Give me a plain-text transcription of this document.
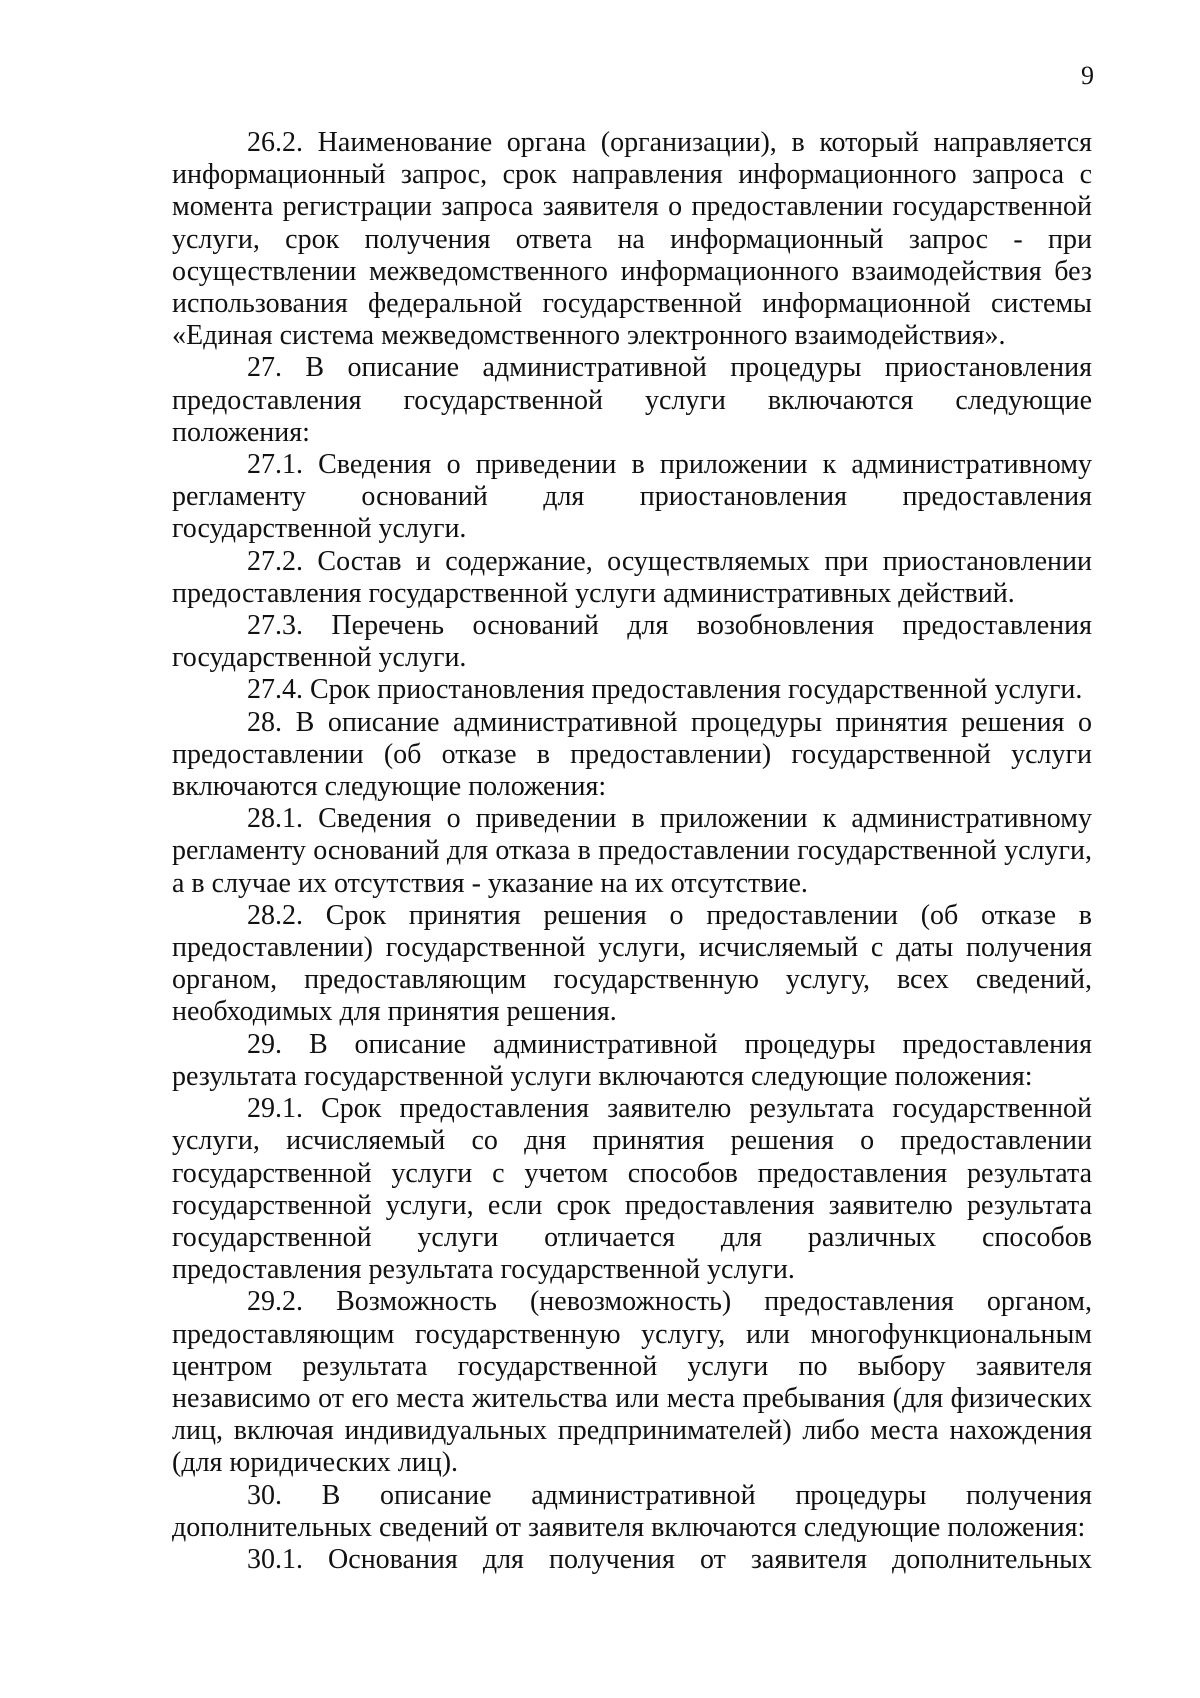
9

26.2. Наименование органа (организации), в который направляется информационный запрос, срок направления информационного запроса с момента регистрации запроса заявителя о предоставлении государственной услуги, срок получения ответа на информационный запрос - при осуществлении межведомственного информационного взаимодействия без использования федеральной государственной информационной системы «Единая система межведомственного электронного взаимодействия».

27. В описание административной процедуры приостановления предоставления государственной услуги включаются следующие положения:

27.1. Сведения о приведении в приложении к административному регламенту оснований для приостановления предоставления государственной услуги.

27.2. Состав и содержание, осуществляемых при приостановлении предоставления государственной услуги административных действий.

27.3. Перечень оснований для возобновления предоставления государственной услуги.

27.4. Срок приостановления предоставления государственной услуги.

28. В описание административной процедуры принятия решения о предоставлении (об отказе в предоставлении) государственной услуги включаются следующие положения:

28.1. Сведения о приведении в приложении к административному регламенту оснований для отказа в предоставлении государственной услуги, а в случае их отсутствия - указание на их отсутствие.

28.2. Срок принятия решения о предоставлении (об отказе в предоставлении) государственной услуги, исчисляемый с даты получения органом, предоставляющим государственную услугу, всех сведений, необходимых для принятия решения.

29. В описание административной процедуры предоставления результата государственной услуги включаются следующие положения:

29.1. Срок предоставления заявителю результата государственной услуги, исчисляемый со дня принятия решения о предоставлении государственной услуги с учетом способов предоставления результата государственной услуги, если срок предоставления заявителю результата государственной услуги отличается для различных способов предоставления результата государственной услуги.

29.2. Возможность (невозможность) предоставления органом, предоставляющим государственную услугу, или многофункциональным центром результата государственной услуги по выбору заявителя независимо от его места жительства или места пребывания (для физических лиц, включая индивидуальных предпринимателей) либо места нахождения (для юридических лиц).

30. В описание административной процедуры получения дополнительных сведений от заявителя включаются следующие положения:

30.1. Основания для получения от заявителя дополнительных
